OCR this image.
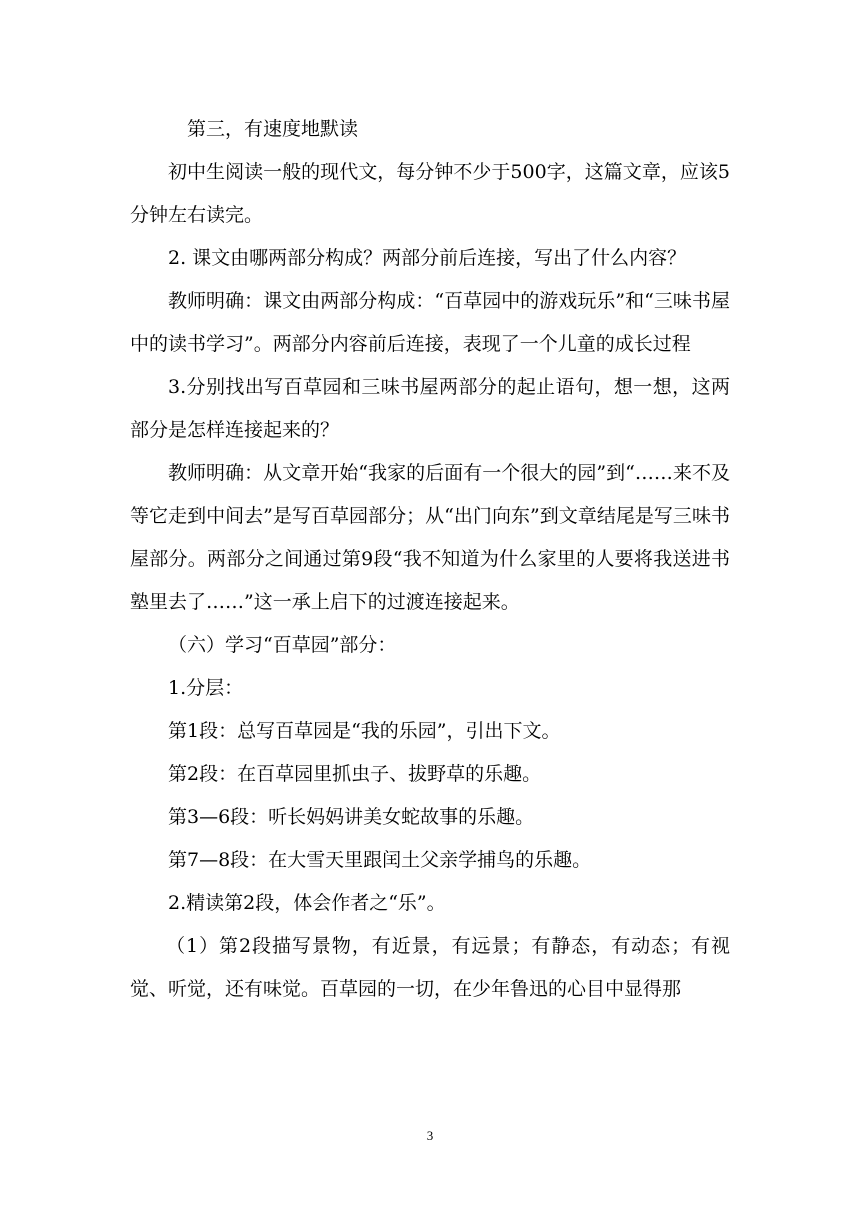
第三，有速度地默读

初中生阅读一般的现代文，每分钟不少于500字，这篇文章，应该5分钟左右读完。

2. 课文由哪两部分构成？两部分前后连接，写出了什么内容？

教师明确：课文由两部分构成：“百草园中的游戏玩乐”和“三味书屋中的读书学习”。两部分内容前后连接，表现了一个儿童的成长过程

3.分别找出写百草园和三味书屋两部分的起止语句，想一想，这两部分是怎样连接起来的？

教师明确：从文章开始“我家的后面有一个很大的园”到“……来不及等它走到中间去”是写百草园部分；从“出门向东”到文章结尾是写三味书屋部分。两部分之间通过第9段“我不知道为什么家里的人要将我送进书塾里去了……”这一承上启下的过渡连接起来。

（六）学习“百草园”部分：

1.分层：

第1段：总写百草园是“我的乐园”，引出下文。

第2段：在百草园里抓虫子、拔野草的乐趣。

第3—6段：听长妈妈讲美女蛇故事的乐趣。

第7—8段：在大雪天里跟闰土父亲学捕鸟的乐趣。

2.精读第2段，体会作者之“乐”。

（1）第2段描写景物，有近景，有远景；有静态，有动态；有视觉、听觉，还有味觉。百草园的一切，在少年鲁迅的心目中显得那

3
